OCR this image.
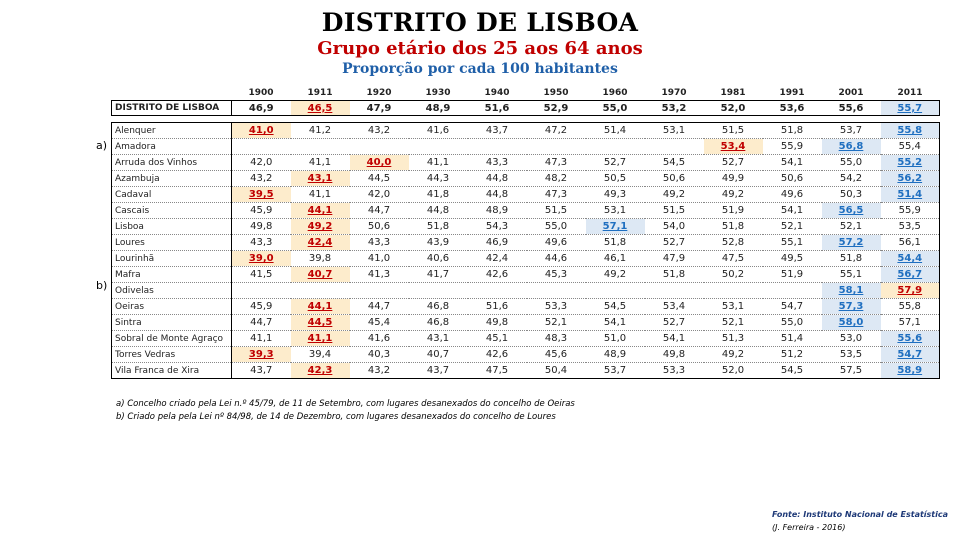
DISTRITO DE LISBOA
Grupo etário dos 25 aos 64 anos
Proporção por cada 100 habitantes
	1900	1911	1920	1930	1940	1950	1960	1970	1981	1991	2001	2011
DISTRITO DE LISBOA	46,9	46,5	47,9	48,9	51,6	52,9	55,0	53,2	52,0	53,6	55,6	55,7

Alenquer	41,0	41,2	43,2	41,6	43,7	47,2	51,4	53,1	51,5	51,8	53,7	55,8
Amadora									53,4	55,9	56,8	55,4
Arruda dos Vinhos	42,0	41,1	40,0	41,1	43,3	47,3	52,7	54,5	52,7	54,1	55,0	55,2
Azambuja	43,2	43,1	44,5	44,3	44,8	48,2	50,5	50,6	49,9	50,6	54,2	56,2
Cadaval	39,5	41,1	42,0	41,8	44,8	47,3	49,3	49,2	49,2	49,6	50,3	51,4
Cascais	45,9	44,1	44,7	44,8	48,9	51,5	53,1	51,5	51,9	54,1	56,5	55,9
Lisboa	49,8	49,2	50,6	51,8	54,3	55,0	57,1	54,0	51,8	52,1	52,1	53,5
Loures	43,3	42,4	43,3	43,9	46,9	49,6	51,8	52,7	52,8	55,1	57,2	56,1
Lourinhã	39,0	39,8	41,0	40,6	42,4	44,6	46,1	47,9	47,5	49,5	51,8	54,4
Mafra	41,5	40,7	41,3	41,7	42,6	45,3	49,2	51,8	50,2	51,9	55,1	56,7
Odivelas											58,1	57,9
Oeiras	45,9	44,1	44,7	46,8	51,6	53,3	54,5	53,4	53,1	54,7	57,3	55,8
Sintra	44,7	44,5	45,4	46,8	49,8	52,1	54,1	52,7	52,1	55,0	58,0	57,1
Sobral de Monte Agraço	41,1	41,1	41,6	43,1	45,1	48,3	51,0	54,1	51,3	51,4	53,0	55,6
Torres Vedras	39,3	39,4	40,3	40,7	42,6	45,6	48,9	49,8	49,2	51,2	53,5	54,7
Vila Franca de Xira	43,7	42,3	43,2	43,7	47,5	50,4	53,7	53,3	52,0	54,5	57,5	58,9
a)
b)
a) Concelho criado pela Lei n.º 45/79, de 11 de Setembro, com lugares desanexados do concelho de Oeiras
b) Criado pela pela Lei nº 84/98, de 14 de Dezembro, com lugares desanexados do concelho de Loures
Fonte: Instituto Nacional de Estatística
(J. Ferreira - 2016)
